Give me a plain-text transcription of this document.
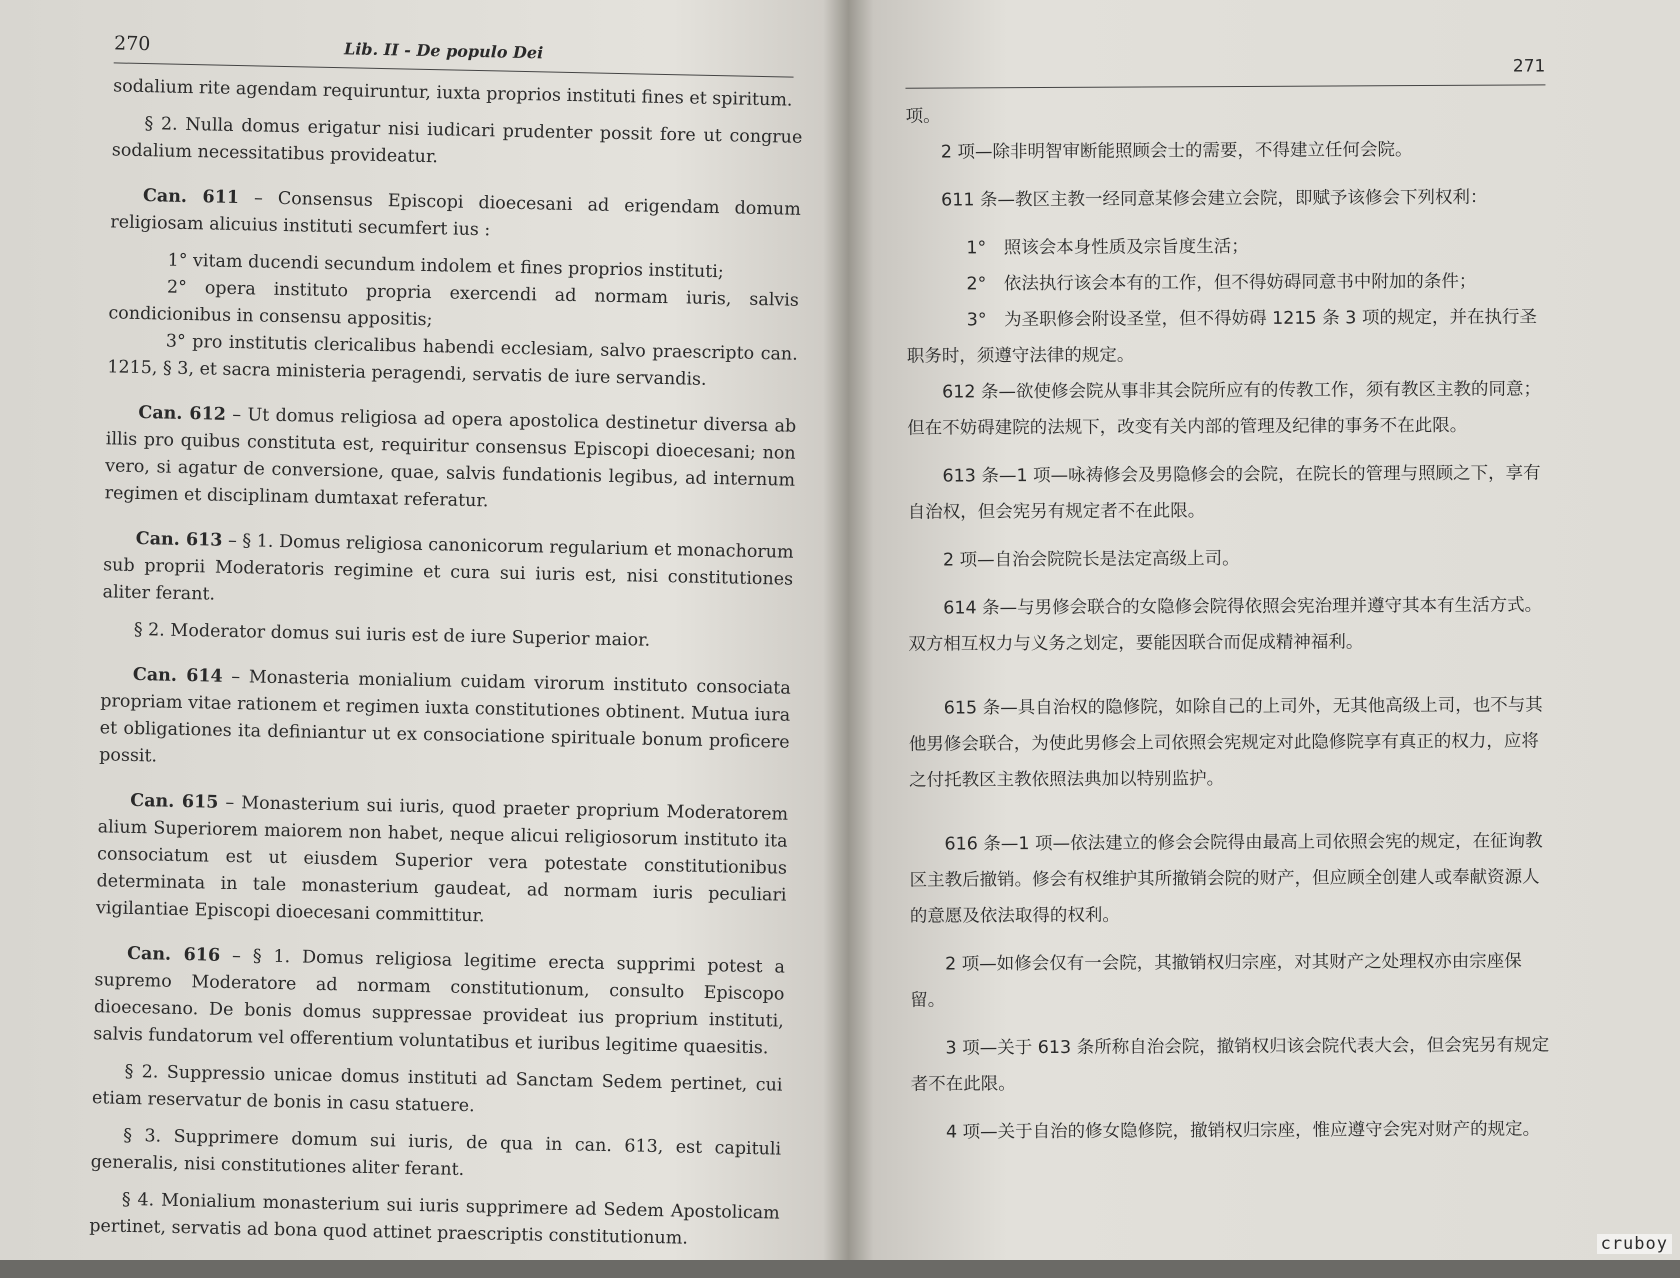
270	Lib. II - De populo Dei

sodalium rite agendam requiruntur, iuxta proprios instituti fines et spiritum.

§ 2. Nulla domus erigatur nisi iudicari prudenter possit fore ut congrue sodalium necessitatibus provideatur.

Can. 611 – Consensus Episcopi dioecesani ad erigendam domum religiosam alicuius instituti secumfert ius :

1° vitam ducendi secundum indolem et fines proprios instituti;

2° opera instituto propria exercendi ad normam iuris, salvis condicionibus in consensu appositis;

3° pro institutis clericalibus habendi ecclesiam, salvo praescripto can. 1215, § 3, et sacra ministeria peragendi, servatis de iure servandis.

Can. 612 – Ut domus religiosa ad opera apostolica destinetur diversa ab illis pro quibus constituta est, requiritur consensus Episcopi dioecesani; non vero, si agatur de conversione, quae, salvis fundationis legibus, ad internum regimen et disciplinam dumtaxat referatur.

Can. 613 – § 1. Domus religiosa canonicorum regularium et monachorum sub proprii Moderatoris regimine et cura sui iuris est, nisi constitutiones aliter ferant.

§ 2. Moderator domus sui iuris est de iure Superior maior.

Can. 614 – Monasteria monialium cuidam virorum instituto consociata propriam vitae rationem et regimen iuxta constitutiones obtinent. Mutua iura et obligationes ita definiantur ut ex consociatione spirituale bonum proficere possit.

Can. 615 – Monasterium sui iuris, quod praeter proprium Moderatorem alium Superiorem maiorem non habet, neque alicui religiosorum instituto ita consociatum est ut eiusdem Superior vera potestate constitutionibus determinata in tale monasterium gaudeat, ad normam iuris peculiari vigilantiae Episcopi dioecesani committitur.

Can. 616 – § 1. Domus religiosa legitime erecta supprimi potest a supremo Moderatore ad normam constitutionum, consulto Episcopo dioecesano. De bonis domus suppressae provideat ius proprium instituti, salvis fundatorum vel offerentium voluntatibus et iuribus legitime quaesitis.

§ 2. Suppressio unicae domus instituti ad Sanctam Sedem pertinet, cui etiam reservatur de bonis in casu statuere.

§ 3. Supprimere domum sui iuris, de qua in can. 613, est capituli generalis, nisi constitutiones aliter ferant.

§ 4. Monialium monasterium sui iuris supprimere ad Sedem Apostolicam pertinet, servatis ad bona quod attinet praescriptis constitutionum.

271

项。

2 项—除非明智审断能照顾会士的需要，不得建立任何会院。

611 条—教区主教一经同意某修会建立会院，即赋予该修会下列权利：

1°　照该会本身性质及宗旨度生活；

2°　依法执行该会本有的工作，但不得妨碍同意书中附加的条件；

3°　为圣职修会附设圣堂，但不得妨碍 1215 条 3 项的规定，并在执行圣职务时，须遵守法律的规定。

612 条—欲使修会院从事非其会院所应有的传教工作，须有教区主教的同意；但在不妨碍建院的法规下，改变有关内部的管理及纪律的事务不在此限。

613 条—1 项—咏祷修会及男隐修会的会院，在院长的管理与照顾之下，享有自治权，但会宪另有规定者不在此限。

2 项—自治会院院长是法定高级上司。

614 条—与男修会联合的女隐修会院得依照会宪治理并遵守其本有生活方式。双方相互权力与义务之划定，要能因联合而促成精神福利。

615 条—具自治权的隐修院，如除自己的上司外，无其他高级上司，也不与其他男修会联合，为使此男修会上司依照会宪规定对此隐修院享有真正的权力，应将之付托教区主教依照法典加以特别监护。

616 条—1 项—依法建立的修会会院得由最高上司依照会宪的规定，在征询教区主教后撤销。修会有权维护其所撤销会院的财产，但应顾全创建人或奉献资源人的意愿及依法取得的权利。

2 项—如修会仅有一会院，其撤销权归宗座，对其财产之处理权亦由宗座保留。

3 项—关于 613 条所称自治会院，撤销权归该会院代表大会，但会宪另有规定者不在此限。

4 项—关于自治的修女隐修院，撤销权归宗座，惟应遵守会宪对财产的规定。

cruboy
